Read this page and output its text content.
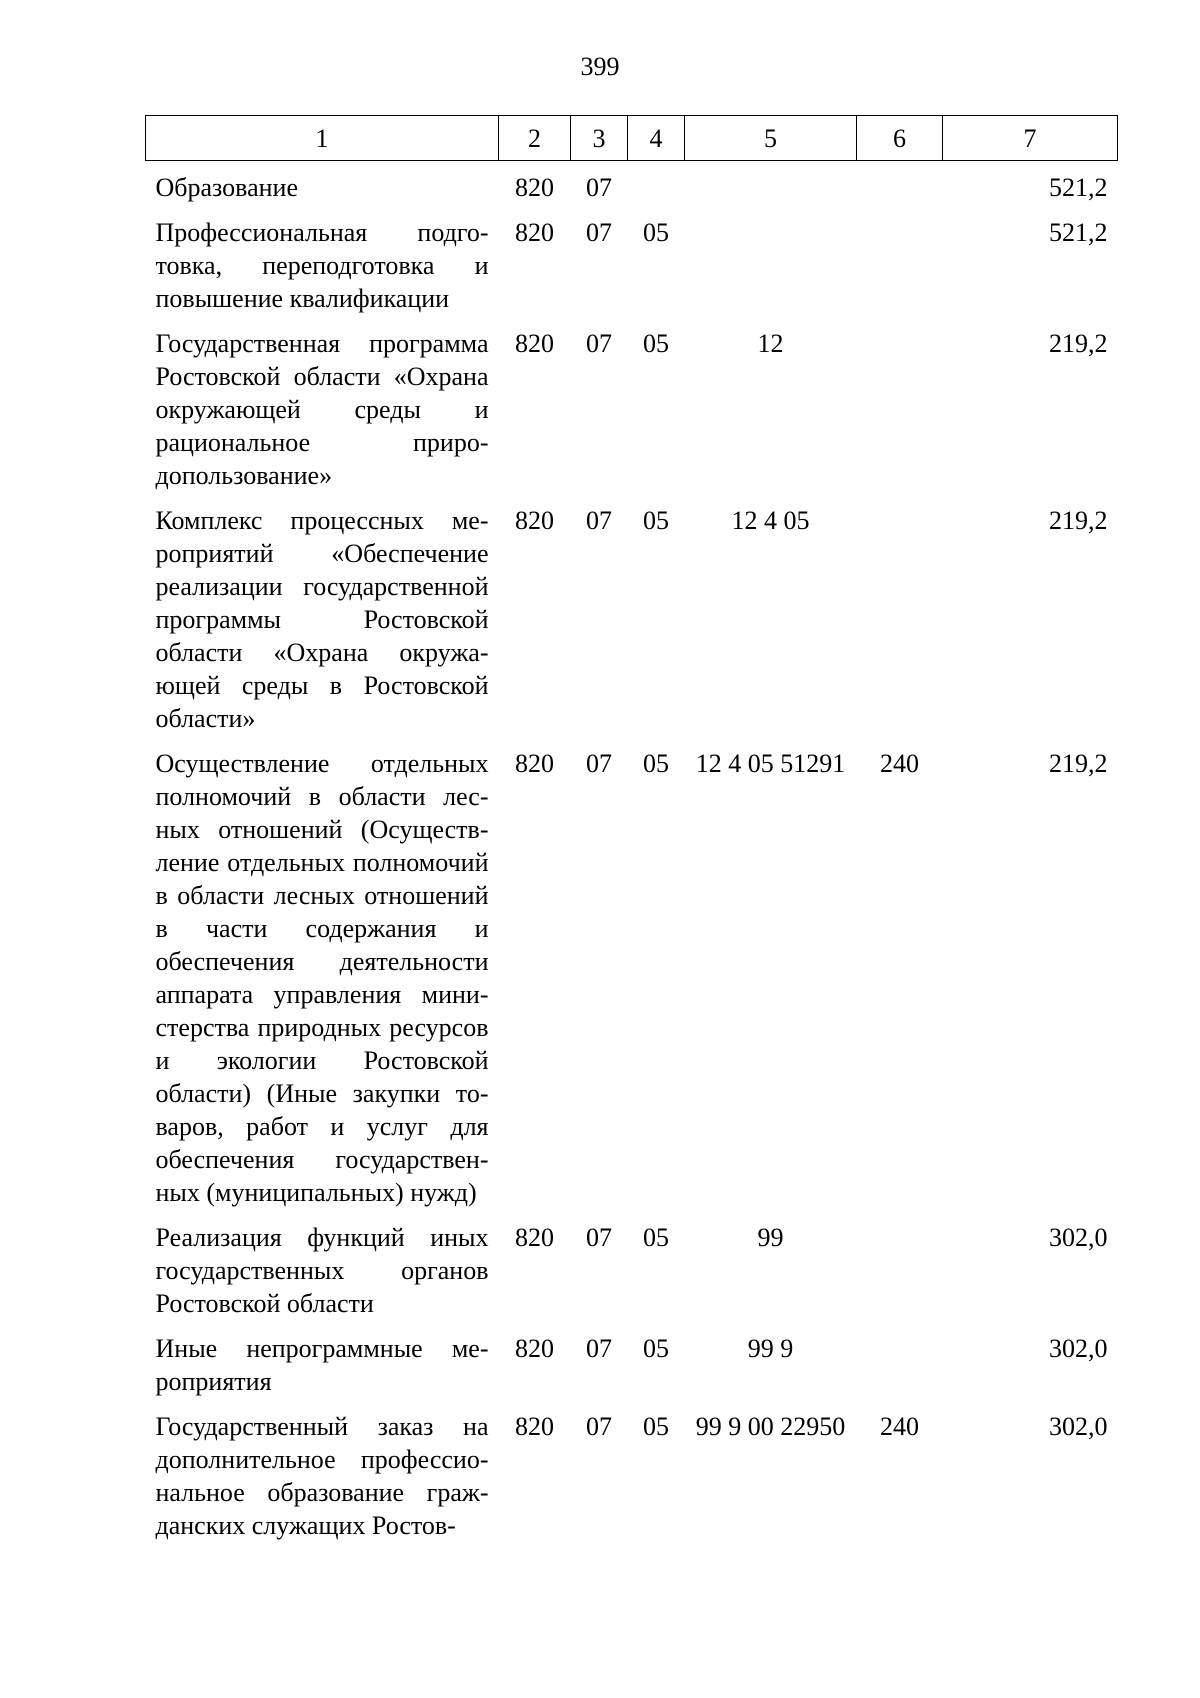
399
1	2	3	4	5	6	7

Образование	820	07				521,2

Профессиональная подготовка, переподготовка и повышение квалификации	820	07	05			521,2

Государственная программа Ростовской области «Охрана окружающей среды и рациональное природопользование»	820	07	05	12		219,2

Комплекс процессных мероприятий «Обеспечение реализации государственной программы Ростовской области «Охрана окружающей среды в Ростовской области»	820	07	05	12 4 05		219,2

Осуществление отдельных полномочий в области лесных отношений (Осуществление отдельных полномочий в области лесных отношений в части содержания и обеспечения деятельности аппарата управления министерства природных ресурсов и экологии Ростовской области) (Иные закупки товаров, работ и услуг для обеспечения государственных (муниципальных) нужд)	820	07	05	12 4 05 51291	240	219,2

Реализация функций иных государственных органов Ростовской области	820	07	05	99		302,0

Иные непрограммные мероприятия	820	07	05	99 9		302,0

Государственный заказ на дополнительное профессиональное образование гражданских служащих Ростов-	820	07	05	99 9 00 22950	240	302,0
